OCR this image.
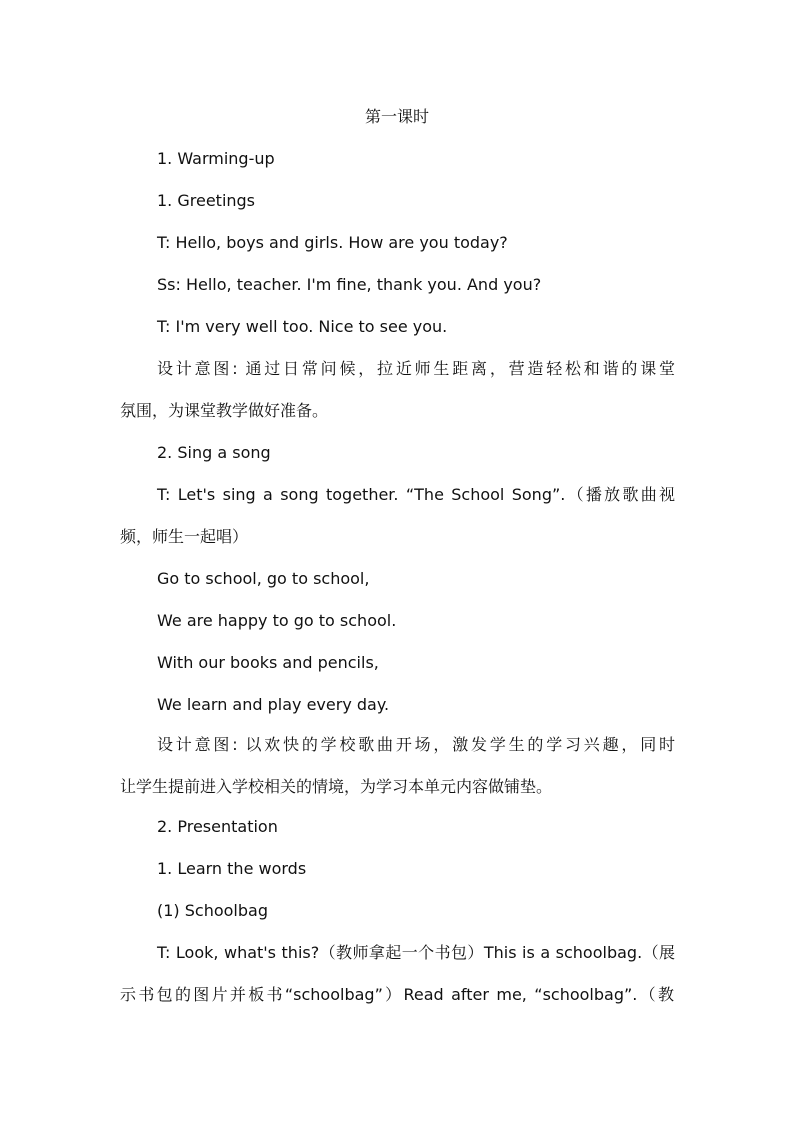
第一课时
1. Warming-up
1. Greetings
T: Hello, boys and girls. How are you today?
Ss: Hello, teacher. I'm fine, thank you. And you?
T: I'm very well too. Nice to see you.
设计意图: 通过日常问候，拉近师生距离，营造轻松和谐的课堂
氛围，为课堂教学做好准备。
2. Sing a song
T: Let's sing a song together. “The School Song”.（播放歌曲视
频，师生一起唱）
Go to school, go to school,
We are happy to go to school.
With our books and pencils,
We learn and play every day.
设计意图: 以欢快的学校歌曲开场，激发学生的学习兴趣，同时
让学生提前进入学校相关的情境，为学习本单元内容做铺垫。
2. Presentation
1. Learn the words
(1) Schoolbag
T: Look, what's this?（教师拿起一个书包）This is a schoolbag.（展
示书包的图片并板书“schoolbag”）Read after me, “schoolbag”.（教
